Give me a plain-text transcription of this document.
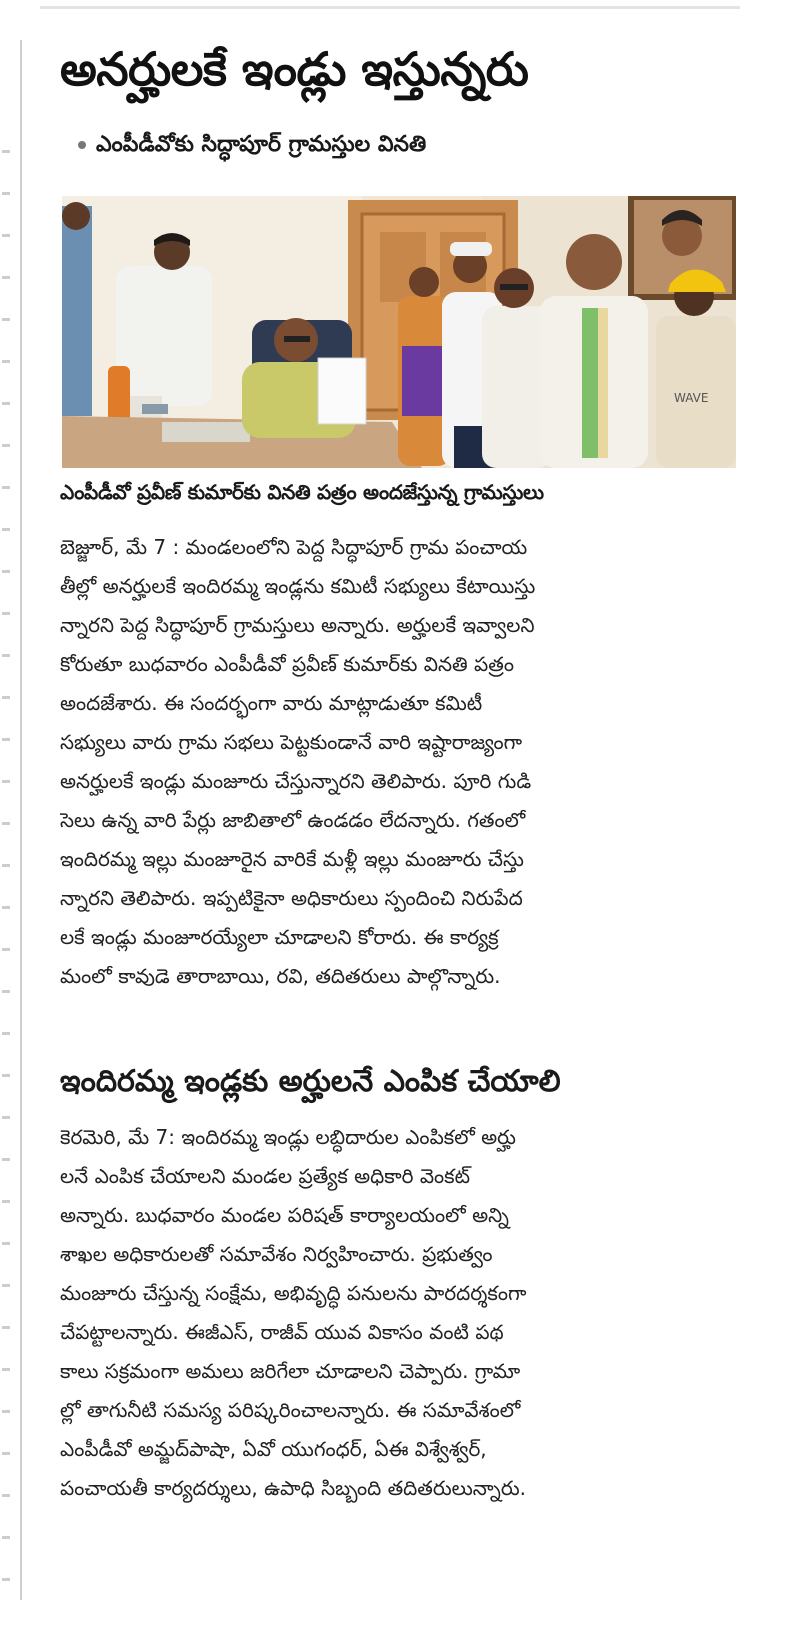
అనర్హులకే ఇండ్లు ఇస్తున్నరు
ఎంపీడీవోకు సిద్ధాపూర్ గ్రామస్తుల వినతి
WAVE
ఎంపీడీవో ప్రవీణ్ కుమార్‌కు వినతి పత్రం అందజేస్తున్న గ్రామస్తులు
బెజ్జూర్, మే 7 : మండలంలోని పెద్ద సిద్ధాపూర్ గ్రామ పంచాయ
తీల్లో అనర్హులకే ఇందిరమ్మ ఇండ్లను కమిటీ సభ్యులు కేటాయిస్తు
న్నారని పెద్ద సిద్ధాపూర్ గ్రామస్తులు అన్నారు. అర్హులకే ఇవ్వాలని
కోరుతూ బుధవారం ఎంపీడీవో ప్రవీణ్ కుమార్‌కు వినతి పత్రం
అందజేశారు. ఈ సందర్భంగా వారు మాట్లాడుతూ కమిటీ
సభ్యులు వారు గ్రామ సభలు పెట్టకుండానే వారి ఇష్టారాజ్యంగా
అనర్హులకే ఇండ్లు మంజూరు చేస్తున్నారని తెలిపారు. పూరి గుడి
సెలు ఉన్న వారి పేర్లు జాబితాలో ఉండడం లేదన్నారు. గతంలో
ఇందిరమ్మ ఇల్లు మంజూరైన వారికే మళ్లీ ఇల్లు మంజూరు చేస్తు
న్నారని తెలిపారు. ఇప్పటికైనా అధికారులు స్పందించి నిరుపేద
లకే ఇండ్లు మంజూరయ్యేలా చూడాలని కోరారు. ఈ కార్యక్ర
మంలో కావుడె తారాబాయి, రవి, తదితరులు పాల్గొన్నారు.
ఇందిరమ్మ ఇండ్లకు అర్హులనే ఎంపిక చేయాలి
కెరమెరి, మే 7: ఇందిరమ్మ ఇండ్లు లబ్ధిదారుల ఎంపికలో అర్హు
లనే ఎంపిక చేయాలని మండల ప్రత్యేక అధికారి వెంకట్
అన్నారు. బుధవారం మండల పరిషత్ కార్యాలయంలో అన్ని
శాఖల అధికారులతో సమావేశం నిర్వహించారు. ప్రభుత్వం
మంజూరు చేస్తున్న సంక్షేమ, అభివృద్ధి పనులను పారదర్శకంగా
చేపట్టాలన్నారు. ఈజీఎస్, రాజీవ్ యువ వికాసం వంటి పథ
కాలు సక్రమంగా అమలు జరిగేలా చూడాలని చెప్పారు. గ్రామా
ల్లో తాగునీటి సమస్య పరిష్కరించాలన్నారు. ఈ సమావేశంలో
ఎంపీడీవో అమ్జద్‌పాషా, ఏవో యుగంధర్, ఏఈ విశ్వేశ్వర్,
పంచాయతీ కార్యదర్శులు, ఉపాధి సిబ్బంది తదితరులున్నారు.
